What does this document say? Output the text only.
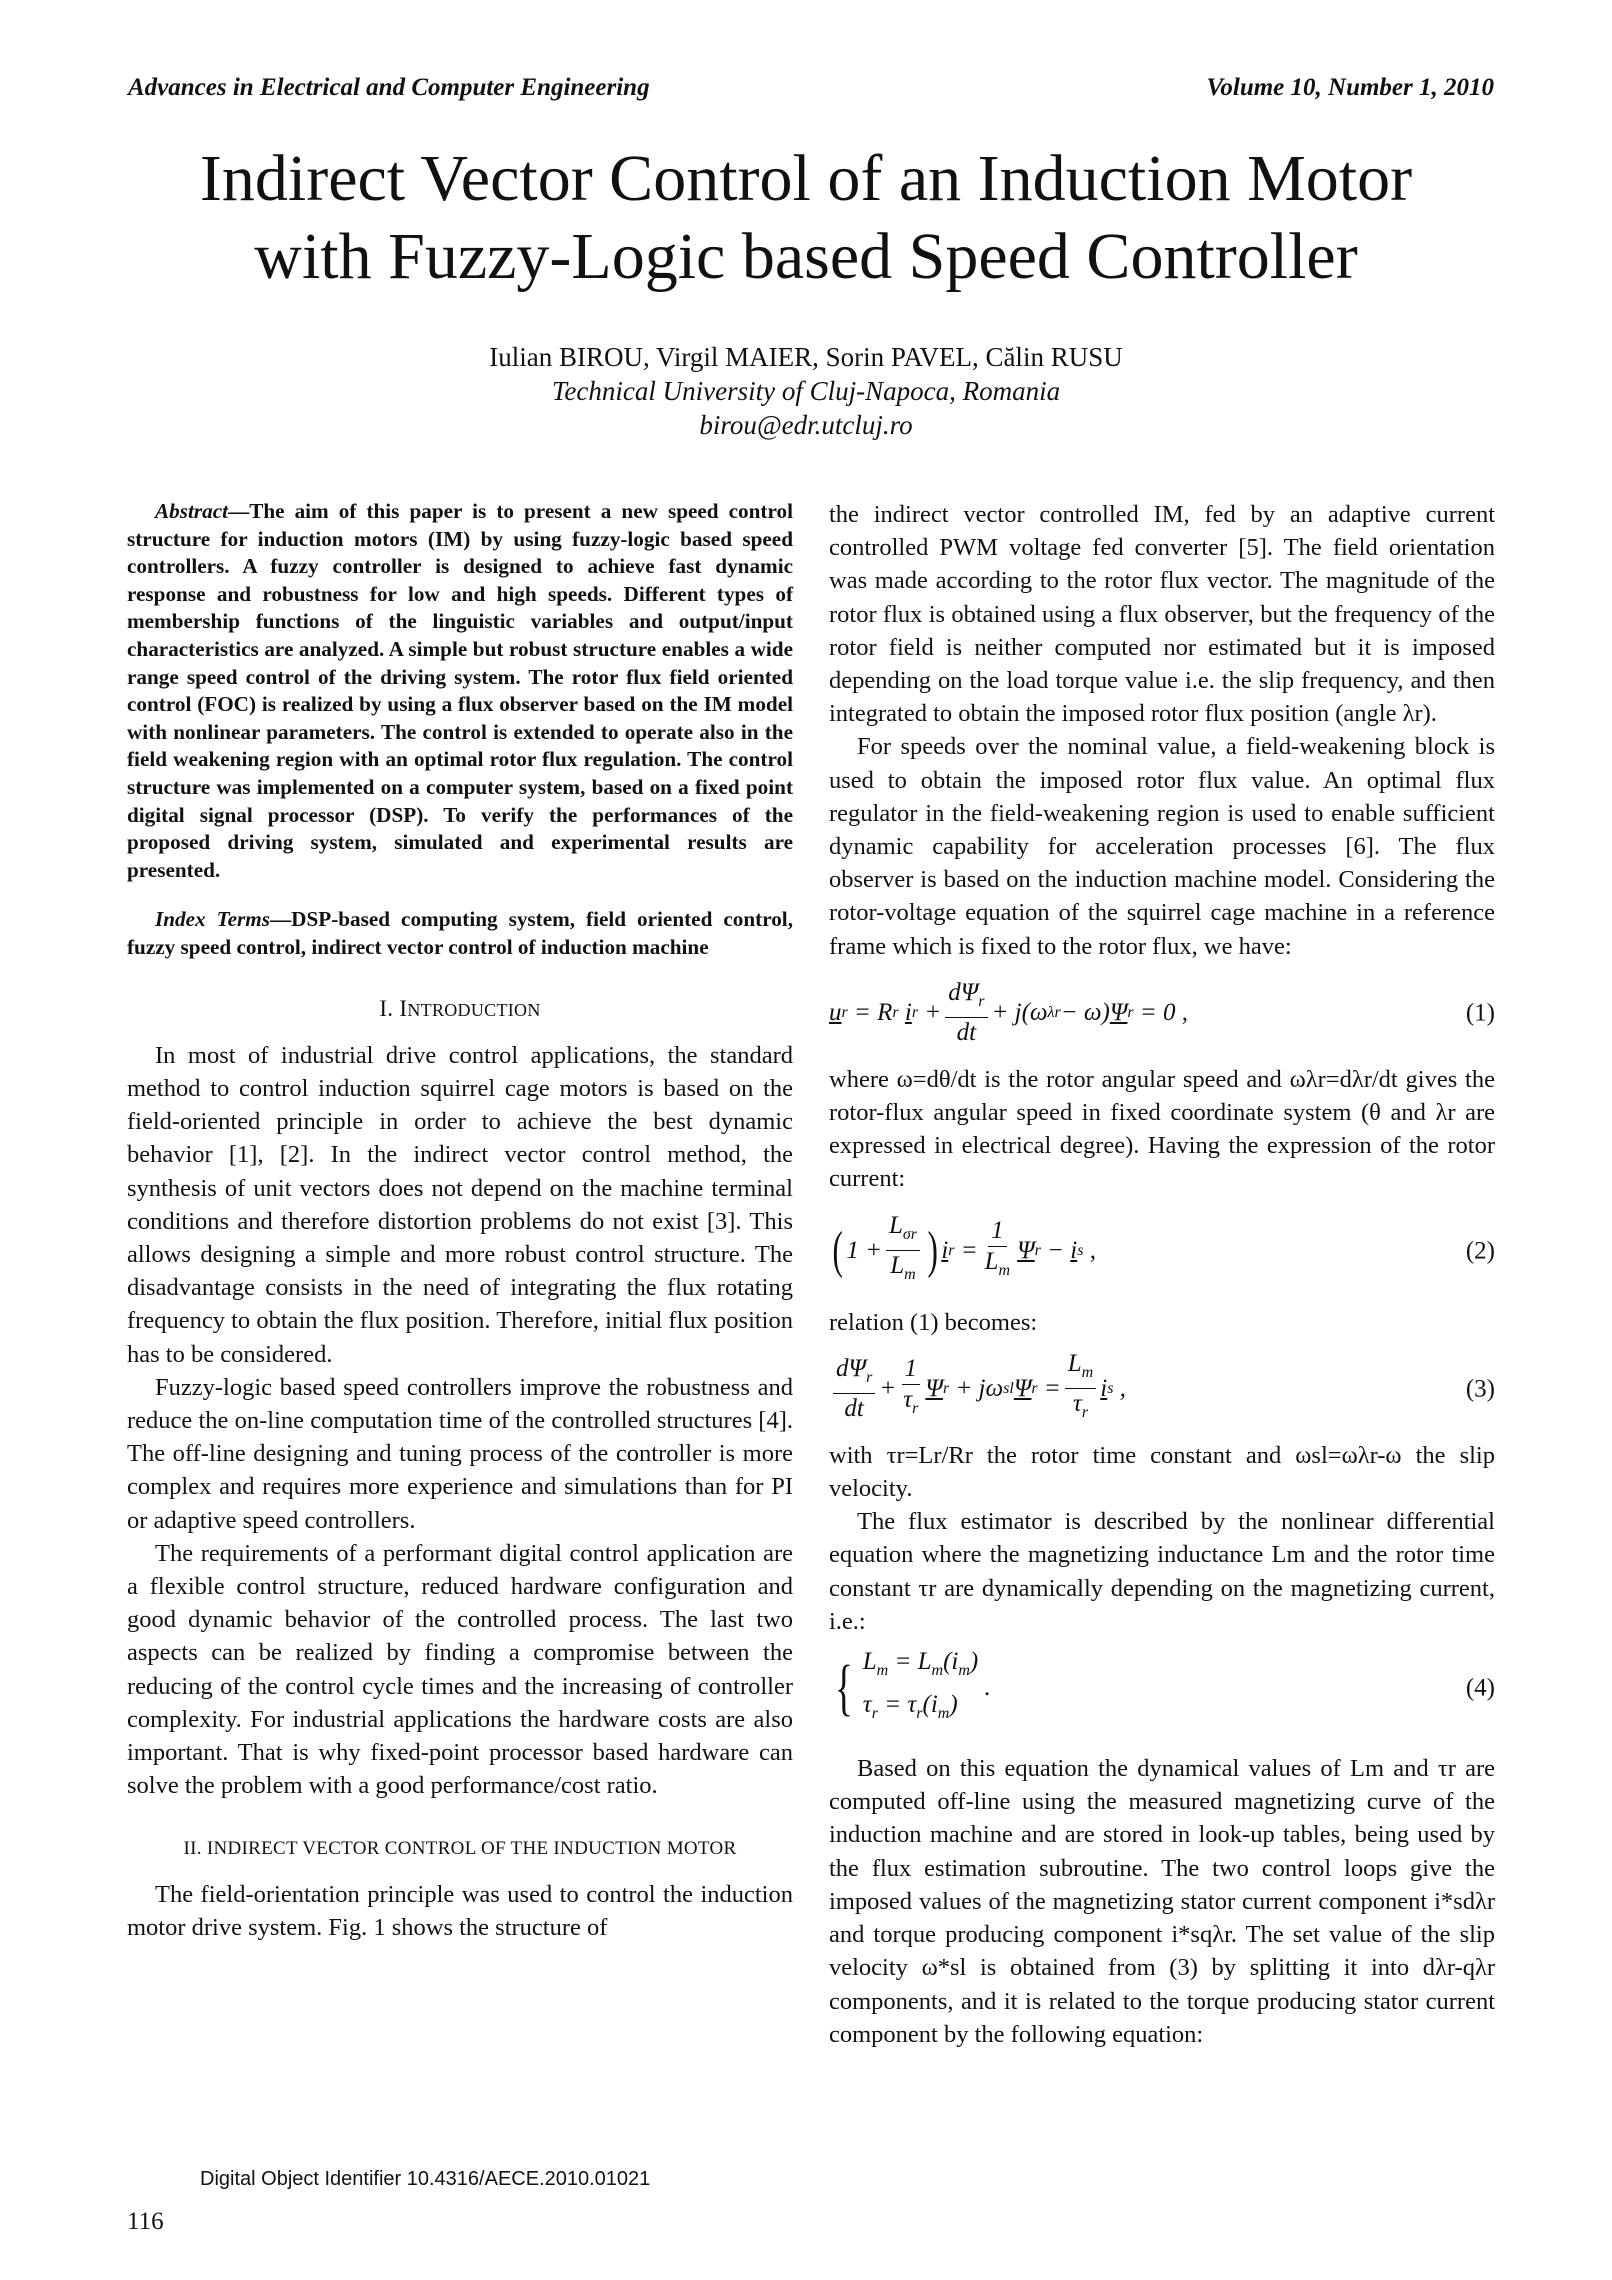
Advances in Electrical and Computer Engineering	Volume 10, Number 1, 2010
Indirect Vector Control of an Induction Motor
with Fuzzy-Logic based Speed Controller
Iulian BIROU, Virgil MAIER, Sorin PAVEL, Călin RUSU
Technical University of Cluj-Napoca, Romania
birou@edr.utcluj.ro

Abstract—The aim of this paper is to present a new speed control structure for induction motors (IM) by using fuzzy-logic based speed controllers. A fuzzy controller is designed to achieve fast dynamic response and robustness for low and high speeds. Different types of membership functions of the linguistic variables and output/input characteristics are analyzed. A simple but robust structure enables a wide range speed control of the driving system. The rotor flux field oriented control (FOC) is realized by using a flux observer based on the IM model with nonlinear parameters. The control is extended to operate also in the field weakening region with an optimal rotor flux regulation. The control structure was implemented on a computer system, based on a fixed point digital signal processor (DSP). To verify the performances of the proposed driving system, simulated and experimental results are presented.

Index Terms—DSP-based computing system, field oriented control, fuzzy speed control, indirect vector control of induction machine

I. INTRODUCTION

In most of industrial drive control applications, the standard method to control induction squirrel cage motors is based on the field-oriented principle in order to achieve the best dynamic behavior [1], [2]. In the indirect vector control method, the synthesis of unit vectors does not depend on the machine terminal conditions and therefore distortion problems do not exist [3]. This allows designing a simple and more robust control structure. The disadvantage consists in the need of integrating the flux rotating frequency to obtain the flux position. Therefore, initial flux position has to be considered.

Fuzzy-logic based speed controllers improve the robustness and reduce the on-line computation time of the controlled structures [4]. The off-line designing and tuning process of the controller is more complex and requires more experience and simulations than for PI or adaptive speed controllers.

The requirements of a performant digital control application are a flexible control structure, reduced hardware configuration and good dynamic behavior of the controlled process. The last two aspects can be realized by finding a compromise between the reducing of the control cycle times and the increasing of controller complexity. For industrial applications the hardware costs are also important. That is why fixed-point processor based hardware can solve the problem with a good performance/cost ratio.

II. INDIRECT VECTOR CONTROL OF THE INDUCTION MOTOR

The field-orientation principle was used to control the induction motor drive system. Fig. 1 shows the structure of

the indirect vector controlled IM, fed by an adaptive current controlled PWM voltage fed converter [5]. The field orientation was made according to the rotor flux vector. The magnitude of the rotor flux is obtained using a flux observer, but the frequency of the rotor field is neither computed nor estimated but it is imposed depending on the load torque value i.e. the slip frequency, and then integrated to obtain the imposed rotor flux position (angle λr).

For speeds over the nominal value, a field-weakening block is used to obtain the imposed rotor flux value. An optimal flux regulator in the field-weakening region is used to enable sufficient dynamic capability for acceleration processes [6]. The flux observer is based on the induction machine model. Considering the rotor-voltage equation of the squirrel cage machine in a reference frame which is fixed to the rotor flux, we have:

u r = R r
i $r + \frac{d\Psi_r}{dt} + j(\omega$ λr − ω) Ψ r = 0 ,	(1)

where ω=dθ/dt is the rotor angular speed and ωλr=dλr/dt gives the rotor-flux angular speed in fixed coordinate system (θ and λr are expressed in electrical degree). Having the expression of the rotor current:

( $1 + \frac{L_{\sigma r}}{L_m}$ ) i $r = \frac{1}{L_m}$ Ψ r − i s ,	(2)

relation (1) becomes:

$\frac{d\Psi_r}{dt} + \frac{1}{\tau_r}$ Ψ r + jω sl Ψ $r = \frac{L_m}{\tau_r}$ i s ,	(3)

with τr=Lr/Rr the rotor time constant and ωsl=ωλr-ω the slip velocity.

The flux estimator is described by the nonlinear differential equation where the magnetizing inductance Lm and the rotor time constant τr are dynamically depending on the magnetizing current, i.e.:

{ $L_m = L_m(i_m)$
$\tau_r = \tau_r(i_m)$
.	(4)

Based on this equation the dynamical values of Lm and τr are computed off-line using the measured magnetizing curve of the induction machine and are stored in look-up tables, being used by the flux estimation subroutine. The two control loops give the imposed values of the magnetizing stator current component i*sdλr and torque producing component i*sqλr. The set value of the slip velocity ω*sl is obtained from (3) by splitting it into dλr-qλr components, and it is related to the torque producing stator current component by the following equation:

Digital Object Identifier 10.4316/AECE.2010.01021
116
